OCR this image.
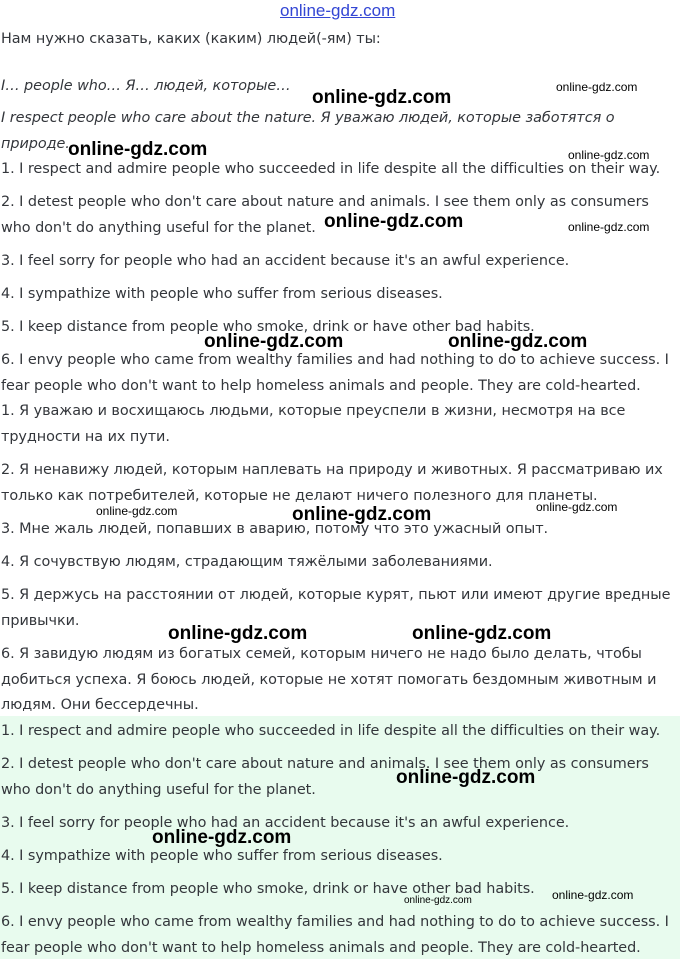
online-gdz.com

Нам нужно сказать, каких (каким) людей(-ям) ты:

I… people who… Я… людей, которые…

I respect people who care about the nature. Я уважаю людей, которые заботятся о

природе.

1. I respect and admire people who succeeded in life despite all the difficulties on their way.

2. I detest people who don't care about nature and animals. I see them only as consumers

who don't do anything useful for the planet.

3. I feel sorry for people who had an accident because it's an awful experience.

4. I sympathize with people who suffer from serious diseases.

5. I keep distance from people who smoke, drink or have other bad habits.

6. I envy people who came from wealthy families and had nothing to do to achieve success. I

fear people who don't want to help homeless animals and people. They are cold-hearted.

1. Я уважаю и восхищаюсь людьми, которые преуспели в жизни, несмотря на все

трудности на их пути.

2. Я ненавижу людей, которым наплевать на природу и животных. Я рассматриваю их

только как потребителей, которые не делают ничего полезного для планеты.

3. Мне жаль людей, попавших в аварию, потому что это ужасный опыт.

4. Я сочувствую людям, страдающим тяжёлыми заболеваниями.

5. Я держусь на расстоянии от людей, которые курят, пьют или имеют другие вредные

привычки.

6. Я завидую людям из богатых семей, которым ничего не надо было делать, чтобы

добиться успеха. Я боюсь людей, которые не хотят помогать бездомным животным и

людям. Они бессердечны.

1. I respect and admire people who succeeded in life despite all the difficulties on their way.

2. I detest people who don't care about nature and animals. I see them only as consumers

who don't do anything useful for the planet.

3. I feel sorry for people who had an accident because it's an awful experience.

4. I sympathize with people who suffer from serious diseases.

5. I keep distance from people who smoke, drink or have other bad habits.

6. I envy people who came from wealthy families and had nothing to do to achieve success. I

fear people who don't want to help homeless animals and people. They are cold-hearted.

online-gdz.com	online-gdz.com
online-gdz.com	online-gdz.com
online-gdz.com	online-gdz.com
online-gdz.com	online-gdz.com
online-gdz.com	online-gdz.com	online-gdz.com
online-gdz.com	online-gdz.com
online-gdz.com
online-gdz.com
online-gdz.com
online-gdz.com
